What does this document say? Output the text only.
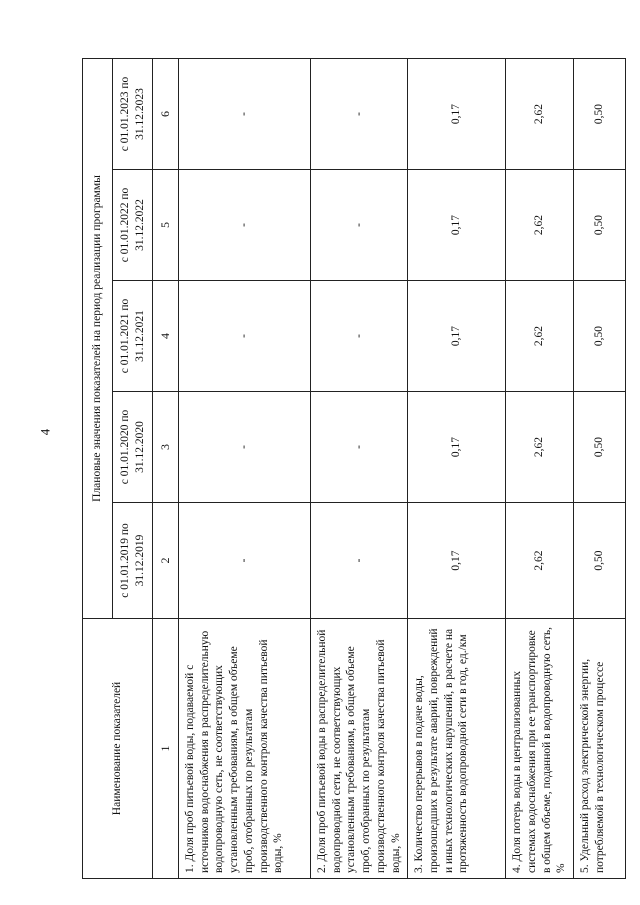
4
Наименование показателей	Плановые значения показателей на период реализации программы				
	с 01.01.2019 по 31.12.2019	с 01.01.2020 по 31.12.2020	с 01.01.2021 по 31.12.2021	с 01.01.2022 по 31.12.2022	с 01.01.2023 по 31.12.2023
1	2	3	4	5	6
1. Доля проб питьевой воды, подаваемой с источников водоснабжения в распределительную водопроводную сеть, не соответствующих установленным требованиям, в общем объеме проб, отобранных по результатам производственного контроля качества питьевой воды, %	-	-	-	-	-
2. Доля проб питьевой воды в распределительной водопроводной сети, не соответствующих установленным требованиям, в общем объеме проб, отобранных по результатам производственного контроля качества питьевой воды, %	-	-	-	-	-
3. Количество перерывов в подаче воды, произошедших в результате аварий, повреждений и иных технологических нарушений, в расчете на протяженность водопроводной сети в год, ед./км	0,17	0,17	0,17	0,17	0,17
4. Доля потерь воды в централизованных системах водоснабжения при ее транспортировке в общем объеме, поданной в водопроводную сеть, %	2,62	2,62	2,62	2,62	2,62
5. Удельный расход электрической энергии, потребляемой в технологическом процессе	0,50	0,50	0,50	0,50	0,50
